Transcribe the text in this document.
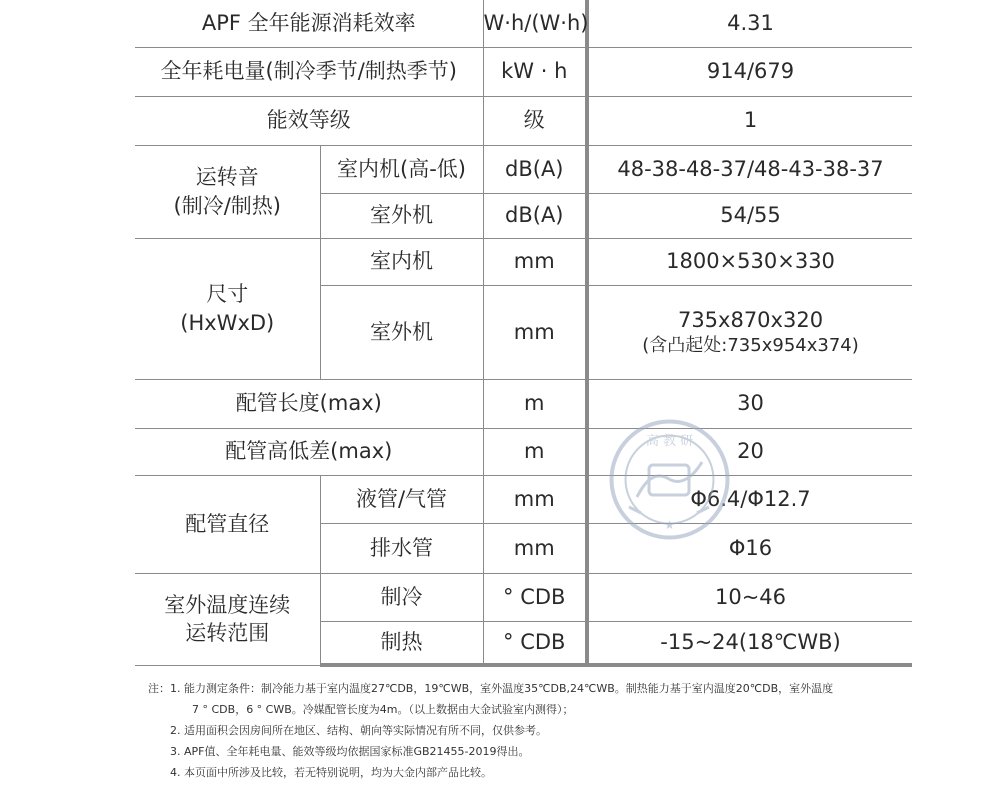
APF 全年能源消耗效率		W·h/(W·h)	4.31
全年耗电量(制冷季节/制热季节)		kW · h	914/679
能效等级		级	1

运转音
(制冷/制热)	室内机(高-低)	dB(A)	48-38-48-37/48-43-38-37
	室外机	dB(A)	54/55

尺寸
(HxWxD)	室内机	mm	1800×530×330
	室外机	mm	735x870x320
(含凸起处:735x954x374)

配管长度(max)		m	30
配管高低差(max)		m	20
配管直径	液管/气管	mm	Φ6.4/Φ12.7
	排水管	mm	Φ16

室外温度连续
运转范围	制冷	° CDB	10~46
	制热	° CDB	-15~24(18℃WB)
注：1. 能力测定条件：制冷能力基于室内温度27℃DB，19℃WB，室外温度35℃DB,24℃WB。制热能力基于室内温度20℃DB，室外温度
7 ° CDB，6 ° CWB。冷媒配管长度为4m。（以上数据由大金试验室内测得）；
2. 适用面积会因房间所在地区、结构、朝向等实际情况有所不同，仅供参考。
3. APF值、全年耗电量、能效等级均依据国家标准GB21455-2019得出。
4. 本页面中所涉及比较，若无特别说明，均为大金内部产品比较。
高 教 研
★
